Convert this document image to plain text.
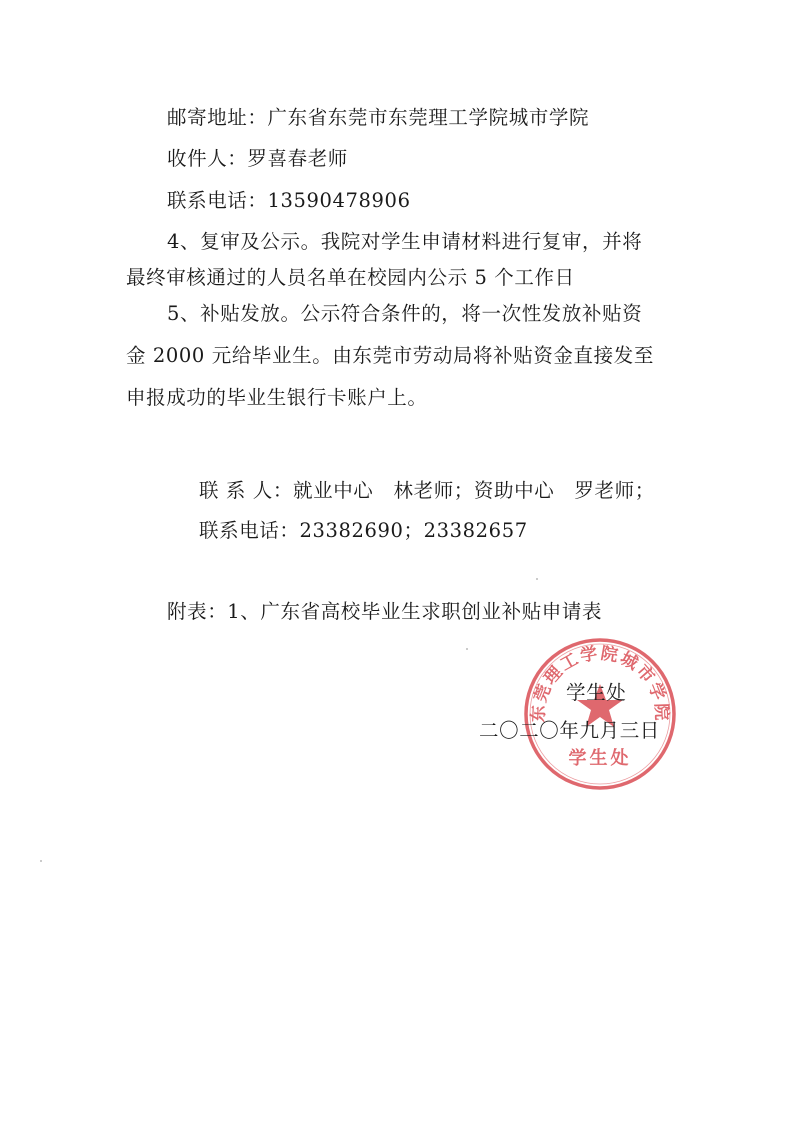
邮寄地址：广东省东莞市东莞理工学院城市学院
收件人：罗喜春老师
联系电话：13590478906
4、复审及公示。我院对学生申请材料进行复审，并将
最终审核通过的人员名单在校园内公示 5 个工作日
5、补贴发放。公示符合条件的，将一次性发放补贴资
金 2000 元给毕业生。由东莞市劳动局将补贴资金直接发至
申报成功的毕业生银行卡账户上。
联 系 人：就业中心　林老师；资助中心　罗老师；
联系电话：23382690；23382657
附表：1、广东省高校毕业生求职创业补贴申请表
东莞理工学院城市学院
学生处
学生处
二〇二〇年九月三日
